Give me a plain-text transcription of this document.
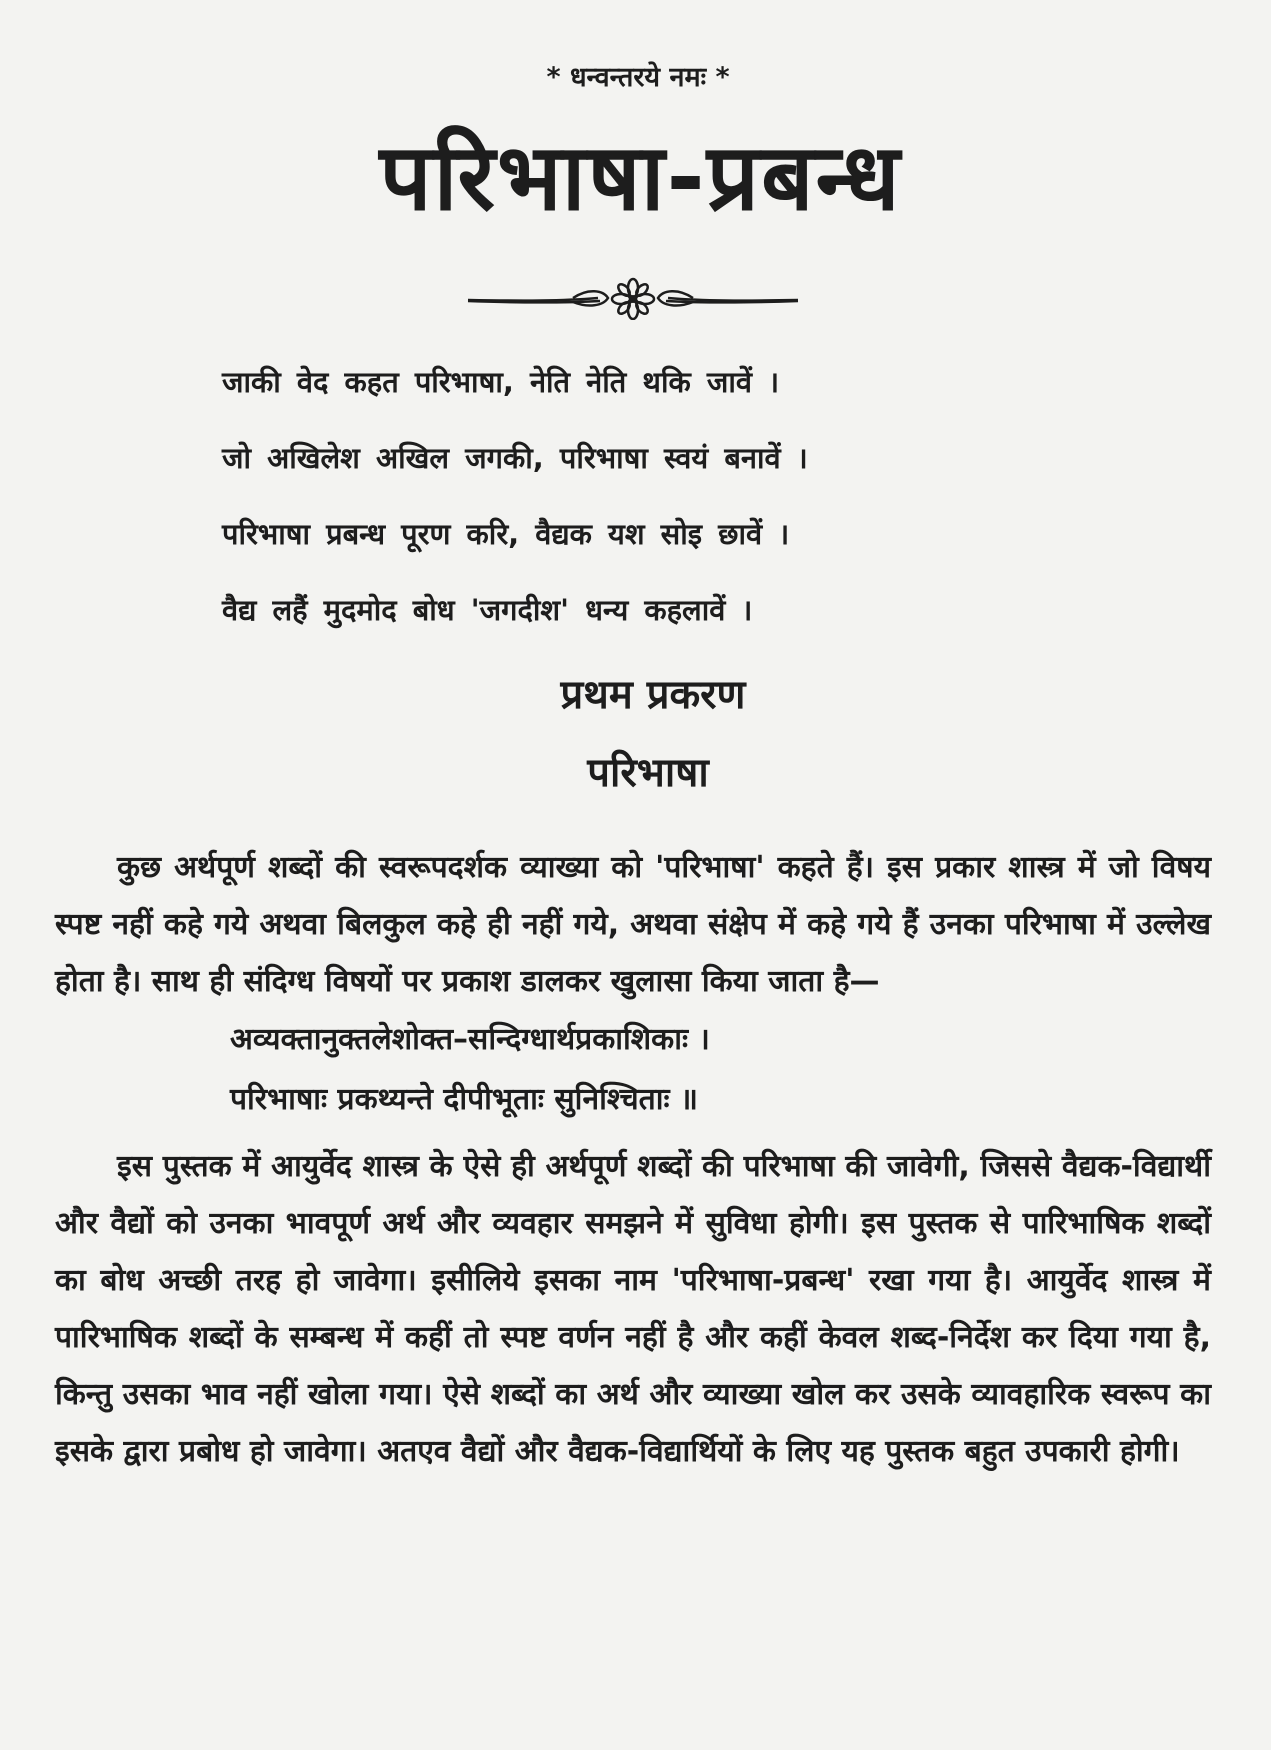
* धन्वन्तरये नमः *
परिभाषा-प्रबन्ध
जाकी वेद कहत परिभाषा, नेति नेति थकि जावें ।
जो अखिलेश अखिल जगकी, परिभाषा स्वयं बनावें ।
परिभाषा प्रबन्ध पूरण करि, वैद्यक यश सोइ छावें ।
वैद्य लहैं मुदमोद बोध 'जगदीश' धन्य कहलावें ।
प्रथम प्रकरण
परिभाषा

कुछ अर्थपूर्ण शब्दों की स्वरूपदर्शक व्याख्या को 'परिभाषा' कहते हैं। इस प्रकार शास्त्र में जो विषय स्पष्ट नहीं कहे गये अथवा बिलकुल कहे ही नहीं गये, अथवा संक्षेप में कहे गये हैं उनका परिभाषा में उल्लेख होता है। साथ ही संदिग्ध विषयों पर प्रकाश डालकर खुलासा किया जाता है—

अव्यक्तानुक्तलेशोक्त–सन्दिग्धार्थप्रकाशिकाः ।
परिभाषाः प्रकथ्यन्ते दीपीभूताः सुनिश्चिताः ॥

इस पुस्तक में आयुर्वेद शास्त्र के ऐसे ही अर्थपूर्ण शब्दों की परिभाषा की जावेगी, जिससे वैद्यक-विद्यार्थी और वैद्यों को उनका भावपूर्ण अर्थ और व्यवहार समझने में सुविधा होगी। इस पुस्तक से पारिभाषिक शब्दों का बोध अच्छी तरह हो जावेगा। इसीलिये इसका नाम 'परिभाषा-प्रबन्ध' रखा गया है। आयुर्वेद शास्त्र में पारिभाषिक शब्दों के सम्बन्ध में कहीं तो स्पष्ट वर्णन नहीं है और कहीं केवल शब्द-निर्देश कर दिया गया है, किन्तु उसका भाव नहीं खोला गया। ऐसे शब्दों का अर्थ और व्याख्या खोल कर उसके व्यावहारिक स्वरूप का इसके द्वारा प्रबोध हो जावेगा। अतएव वैद्यों और वैद्यक-विद्यार्थियों के लिए यह पुस्तक बहुत उपकारी होगी।
